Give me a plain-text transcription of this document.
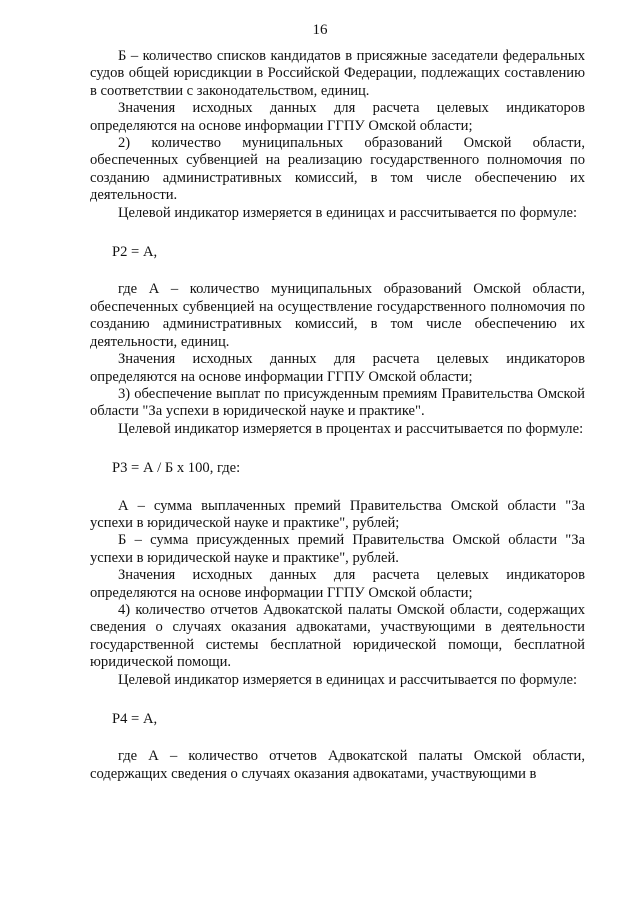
16

Б – количество списков кандидатов в присяжные заседатели федеральных судов общей юрисдикции в Российской Федерации, подлежащих составлению в соответствии с законодательством, единиц.

Значения исходных данных для расчета целевых индикаторов определяются на основе информации ГГПУ Омской области;

2) количество муниципальных образований Омской области, обеспеченных субвенцией на реализацию государственного полномочия по созданию административных комиссий, в том числе обеспечению их деятельности.

Целевой индикатор измеряется в единицах и рассчитывается по формуле:

Р2 = А,

где А – количество муниципальных образований Омской области, обеспеченных субвенцией на осуществление государственного полномочия по созданию административных комиссий, в том числе обеспечению их деятельности, единиц.

Значения исходных данных для расчета целевых индикаторов определяются на основе информации ГГПУ Омской области;

3) обеспечение выплат по присужденным премиям Правительства Омской области "За успехи в юридической науке и практике".

Целевой индикатор измеряется в процентах и рассчитывается по формуле:

Р3 = А / Б х 100, где:

А – сумма выплаченных премий Правительства Омской области "За успехи в юридической науке и практике", рублей;

Б – сумма присужденных премий Правительства Омской области "За успехи в юридической науке и практике", рублей.

Значения исходных данных для расчета целевых индикаторов определяются на основе информации ГГПУ Омской области;

4) количество отчетов Адвокатской палаты Омской области, содержащих сведения о случаях оказания адвокатами, участвующими в деятельности государственной системы бесплатной юридической помощи, бесплатной юридической помощи.

Целевой индикатор измеряется в единицах и рассчитывается по формуле:

Р4 = А,

где А – количество отчетов Адвокатской палаты Омской области, содержащих сведения о случаях оказания адвокатами, участвующими в
